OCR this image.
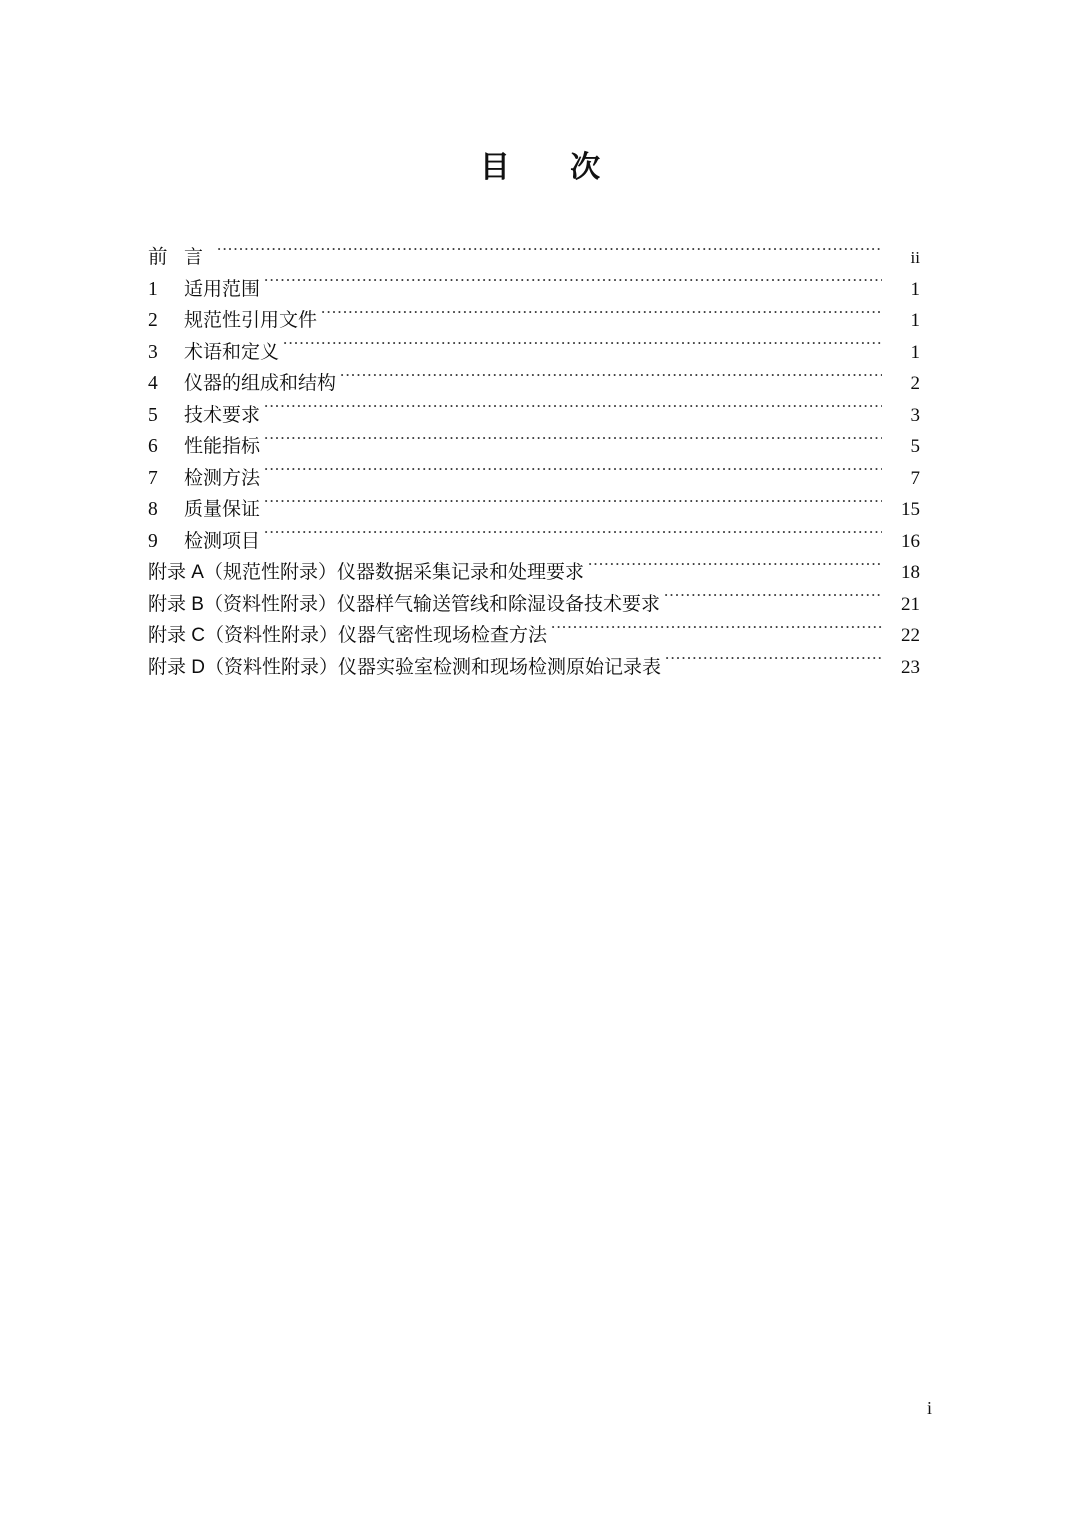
目 次
前 言 .....	ii
1	适用范围 .....	1
2	规范性引用文件 .....	1
3	术语和定义 .....	1
4	仪器的组成和结构 .....	2
5	技术要求 .....	3
6	性能指标 .....	5
7	检测方法 .....	7
8	质量保证 .....	15
9	检测项目 .....	16
附录 A（规范性附录）仪器数据采集记录和处理要求 .....	18
附录 B（资料性附录）仪器样气输送管线和除湿设备技术要求 .....	21
附录 C（资料性附录）仪器气密性现场检查方法 .....	22
附录 D（资料性附录）仪器实验室检测和现场检测原始记录表 .....	23
i
